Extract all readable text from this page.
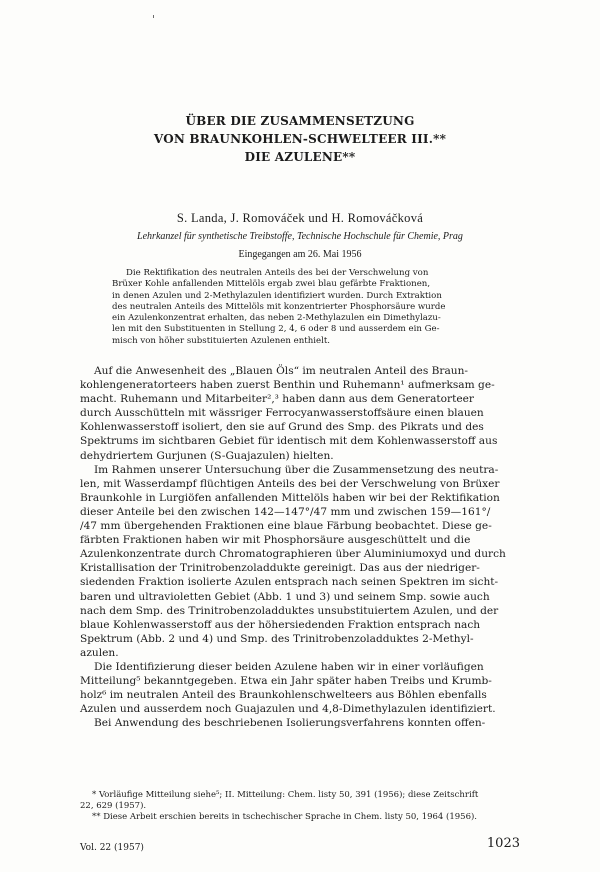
'
ÜBER DIE ZUSAMMENSETZUNG
VON BRAUNKOHLEN-SCHWELTEER III.**
DIE AZULENE**
S. Landa, J. Romováček und H. Romováčková
Lehrkanzel für synthetische Treibstoffe, Technische Hochschule für Chemie, Prag
Eingegangen am 26. Mai 1956
Die Rektifikation des neutralen Anteils des bei der Verschwelung von
Brüxer Kohle anfallenden Mittelöls ergab zwei blau gefärbte Fraktionen,
in denen Azulen und 2-Methylazulen identifiziert wurden. Durch Extraktion
des neutralen Anteils des Mittelöls mit konzentrierter Phosphorsäure wurde
ein Azulenkonzentrat erhalten, das neben 2-Methylazulen ein Dimethylazu-
len mit den Substituenten in Stellung 2, 4, 6 oder 8 und ausserdem ein Ge-
misch von höher substituierten Azulenen enthielt.
Auf die Anwesenheit des „Blauen Öls“ im neutralen Anteil des Braun-
kohlengeneratorteers haben zuerst Benthin und Ruhemann¹ aufmerksam ge-
macht. Ruhemann und Mitarbeiter²,³ haben dann aus dem Generatorteer
durch Ausschütteln mit wässriger Ferrocyanwasserstoffsäure einen blauen
Kohlenwasserstoff isoliert, den sie auf Grund des Smp. des Pikrats und des
Spektrums im sichtbaren Gebiet für identisch mit dem Kohlenwasserstoff aus
dehydriertem Gurjunen (S-Guajazulen) hielten.
Im Rahmen unserer Untersuchung über die Zusammensetzung des neutra-
len, mit Wasserdampf flüchtigen Anteils des bei der Verschwelung von Brüxer
Braunkohle in Lurgiöfen anfallenden Mittelöls haben wir bei der Rektifikation
dieser Anteile bei den zwischen 142—147°/47 mm und zwischen 159—161°/
/47 mm übergehenden Fraktionen eine blaue Färbung beobachtet. Diese ge-
färbten Fraktionen haben wir mit Phosphorsäure ausgeschüttelt und die
Azulenkonzentrate durch Chromatographieren über Aluminiumoxyd und durch
Kristallisation der Trinitrobenzoladdukte gereinigt. Das aus der niedriger-
siedenden Fraktion isolierte Azulen entsprach nach seinen Spektren im sicht-
baren und ultravioletten Gebiet (Abb. 1 und 3) und seinem Smp. sowie auch
nach dem Smp. des Trinitrobenzoladduktes unsubstituiertem Azulen, und der
blaue Kohlenwasserstoff aus der höhersiedenden Fraktion entsprach nach
Spektrum (Abb. 2 und 4) und Smp. des Trinitrobenzoladduktes 2-Methyl-
azulen.
Die Identifizierung dieser beiden Azulene haben wir in einer vorläufigen
Mitteilung⁵ bekanntgegeben. Etwa ein Jahr später haben Treibs und Krumb-
holz⁶ im neutralen Anteil des Braunkohlenschwelteers aus Böhlen ebenfalls
Azulen und ausserdem noch Guajazulen und 4,8-Dimethylazulen identifiziert.
Bei Anwendung des beschriebenen Isolierungsverfahrens konnten offen-
* Vorläufige Mitteilung siehe⁵; II. Mitteilung: Chem. listy 50, 391 (1956); diese Zeitschrift
22, 629 (1957).
** Diese Arbeit erschien bereits in tschechischer Sprache in Chem. listy 50, 1964 (1956).
Vol. 22 (1957)	1023
